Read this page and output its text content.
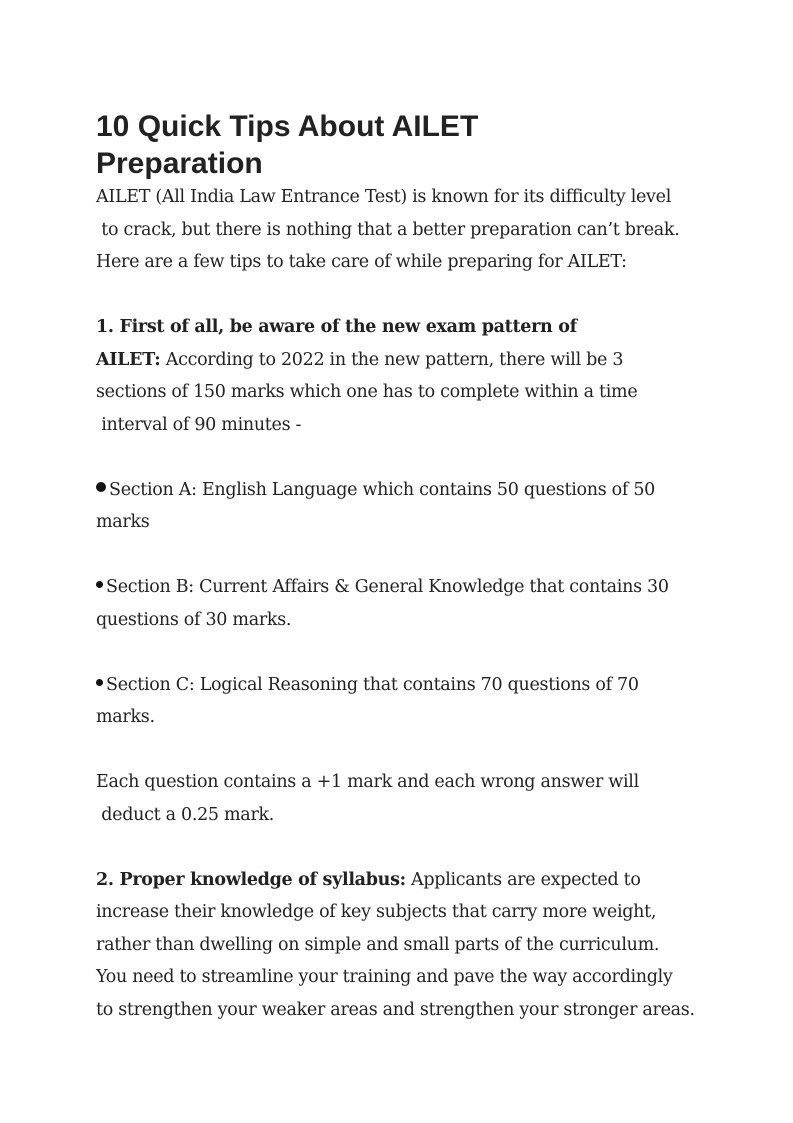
10 Quick Tips About AILET
Preparation
AILET (All India Law Entrance Test) is known for its difficulty level
to crack, but there is nothing that a better preparation can’t break.
Here are a few tips to take care of while preparing for AILET:
1. First of all, be aware of the new exam pattern of
AILET: According to 2022 in the new pattern, there will be 3
sections of 150 marks which one has to complete within a time
interval of 90 minutes -
Section A: English Language which contains 50 questions of 50
marks
Section B: Current Affairs & General Knowledge that contains 30
questions of 30 marks.
Section C: Logical Reasoning that contains 70 questions of 70
marks.
Each question contains a +1 mark and each wrong answer will
deduct a 0.25 mark.
2. Proper knowledge of syllabus: Applicants are expected to
increase their knowledge of key subjects that carry more weight,
rather than dwelling on simple and small parts of the curriculum.
You need to streamline your training and pave the way accordingly
to strengthen your weaker areas and strengthen your stronger areas.
